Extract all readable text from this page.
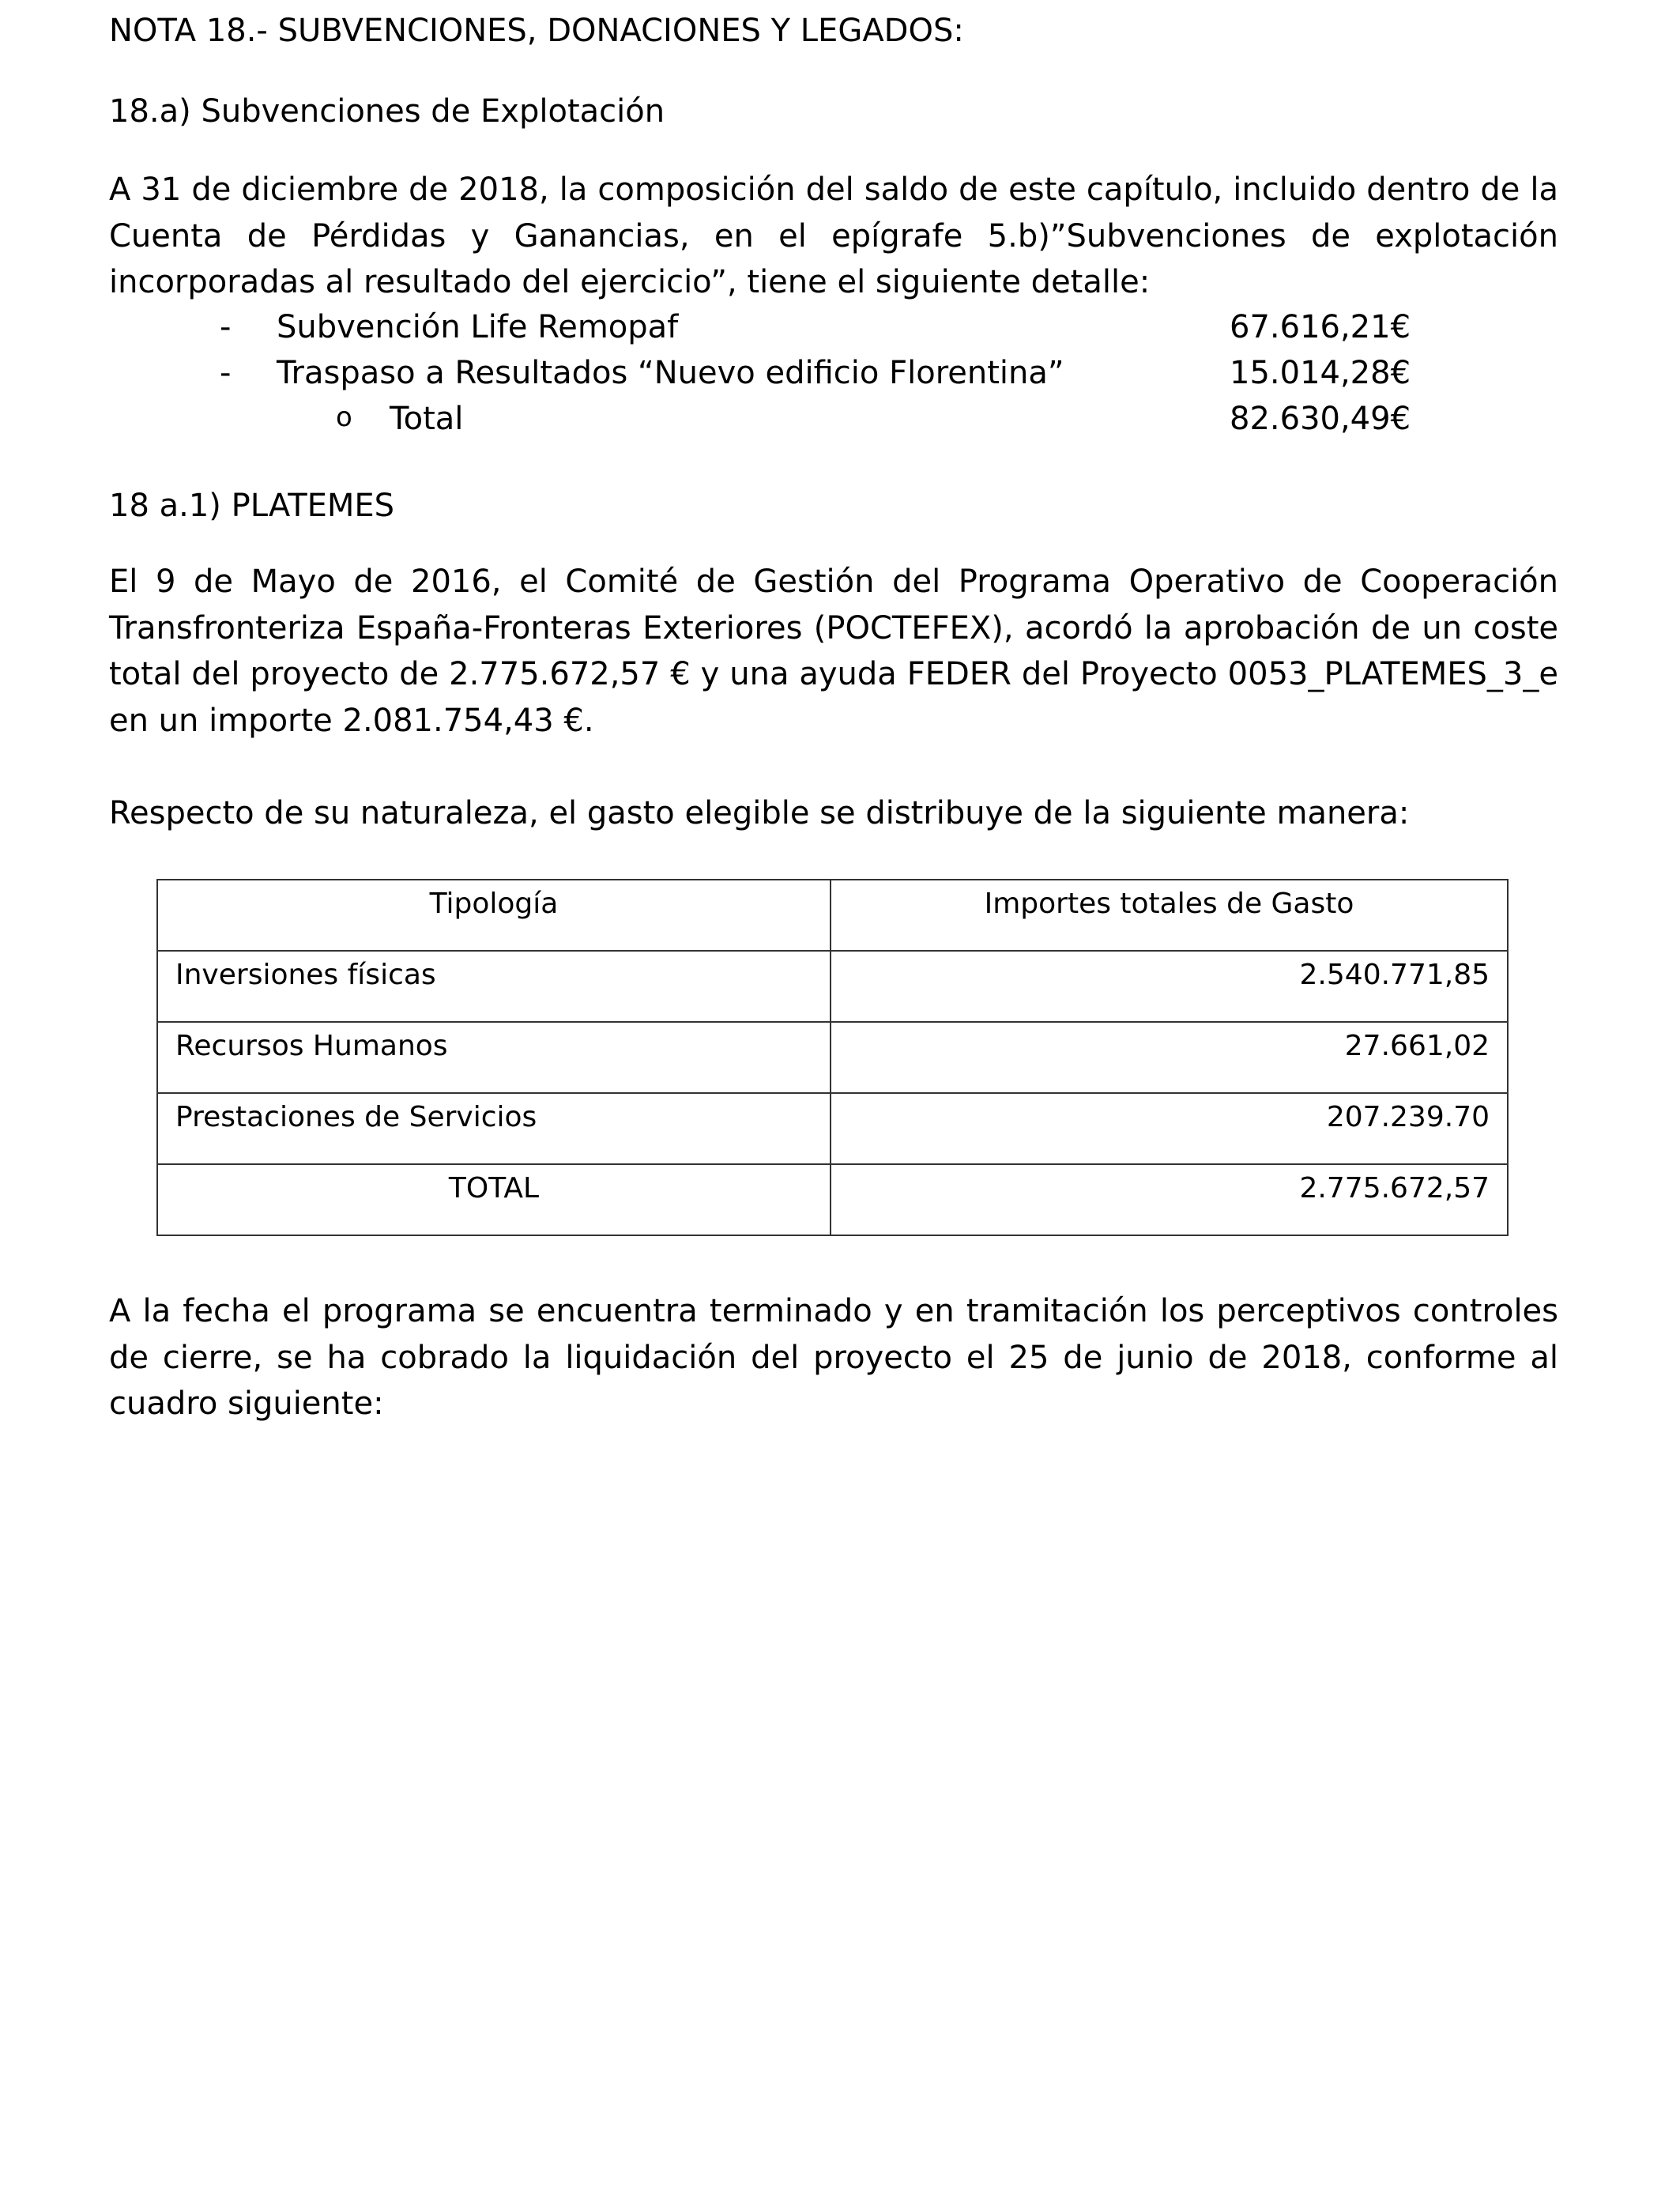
NOTA 18.- SUBVENCIONES, DONACIONES Y LEGADOS:
18.a) Subvenciones de Explotación
A 31 de diciembre de 2018, la composición del saldo de este capítulo, incluido dentro de la Cuenta de Pérdidas y Ganancias, en el epígrafe 5.b)”Subvenciones de explotación incorporadas al resultado del ejercicio”, tiene el siguiente detalle:
- Subvención Life Remopaf	67.616,21€
- Traspaso a Resultados “Nuevo edificio Florentina”	15.014,28€
o Total	82.630,49€
18 a.1) PLATEMES
El 9 de Mayo de 2016, el Comité de Gestión del Programa Operativo de Cooperación Transfronteriza España-Fronteras Exteriores (POCTEFEX), acordó la aprobación de un coste total del proyecto de 2.775.672,57 € y una ayuda FEDER del Proyecto 0053_PLATEMES_3_e en un importe 2.081.754,43 €.
Respecto de su naturaleza, el gasto elegible se distribuye de la siguiente manera:
A la fecha el programa se encuentra terminado y en tramitación los perceptivos controles de cierre, se ha cobrado la liquidación del proyecto el 25 de junio de 2018, conforme al cuadro siguiente:
Tipología	Importes totales de Gasto

Inversiones físicas	2.540.771,85

Recursos Humanos	27.661,02

Prestaciones de Servicios	207.239.70

TOTAL	2.775.672,57
